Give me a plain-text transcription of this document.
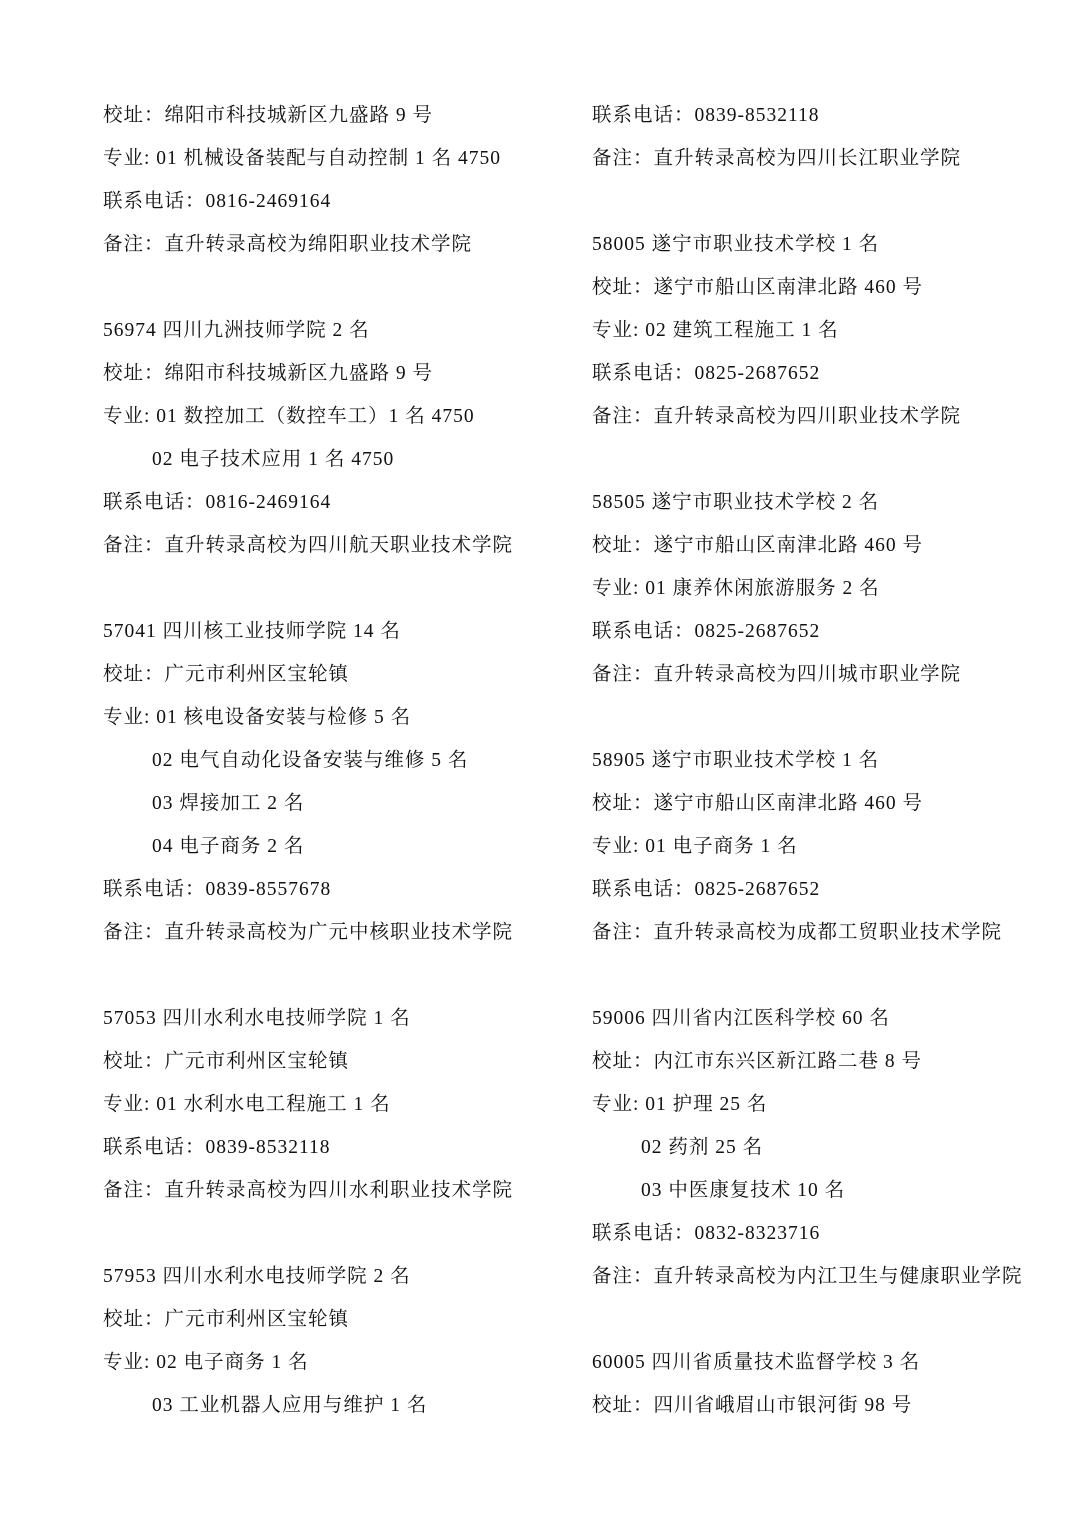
校址：绵阳市科技城新区九盛路 9 号
专业: 01 机械设备装配与自动控制 1 名 4750
联系电话：0816-2469164
备注：直升转录高校为绵阳职业技术学院
56974 四川九洲技师学院 2 名
校址：绵阳市科技城新区九盛路 9 号
专业: 01 数控加工（数控车工）1 名 4750
02 电子技术应用 1 名 4750
联系电话：0816-2469164
备注：直升转录高校为四川航天职业技术学院
57041 四川核工业技师学院 14 名
校址：广元市利州区宝轮镇
专业: 01 核电设备安装与检修 5 名
02 电气自动化设备安装与维修 5 名
03 焊接加工 2 名
04 电子商务 2 名
联系电话：0839-8557678
备注：直升转录高校为广元中核职业技术学院
57053 四川水利水电技师学院 1 名
校址：广元市利州区宝轮镇
专业: 01 水利水电工程施工 1 名
联系电话：0839-8532118
备注：直升转录高校为四川水利职业技术学院
57953 四川水利水电技师学院 2 名
校址：广元市利州区宝轮镇
专业: 02 电子商务 1 名
03 工业机器人应用与维护 1 名
联系电话：0839-8532118
备注：直升转录高校为四川长江职业学院
58005 遂宁市职业技术学校 1 名
校址：遂宁市船山区南津北路 460 号
专业: 02 建筑工程施工 1 名
联系电话：0825-2687652
备注：直升转录高校为四川职业技术学院
58505 遂宁市职业技术学校 2 名
校址：遂宁市船山区南津北路 460 号
专业: 01 康养休闲旅游服务 2 名
联系电话：0825-2687652
备注：直升转录高校为四川城市职业学院
58905 遂宁市职业技术学校 1 名
校址：遂宁市船山区南津北路 460 号
专业: 01 电子商务 1 名
联系电话：0825-2687652
备注：直升转录高校为成都工贸职业技术学院
59006 四川省内江医科学校 60 名
校址：内江市东兴区新江路二巷 8 号
专业: 01 护理 25 名
02 药剂 25 名
03 中医康复技术 10 名
联系电话：0832-8323716
备注：直升转录高校为内江卫生与健康职业学院
60005 四川省质量技术监督学校 3 名
校址：四川省峨眉山市银河街 98 号
